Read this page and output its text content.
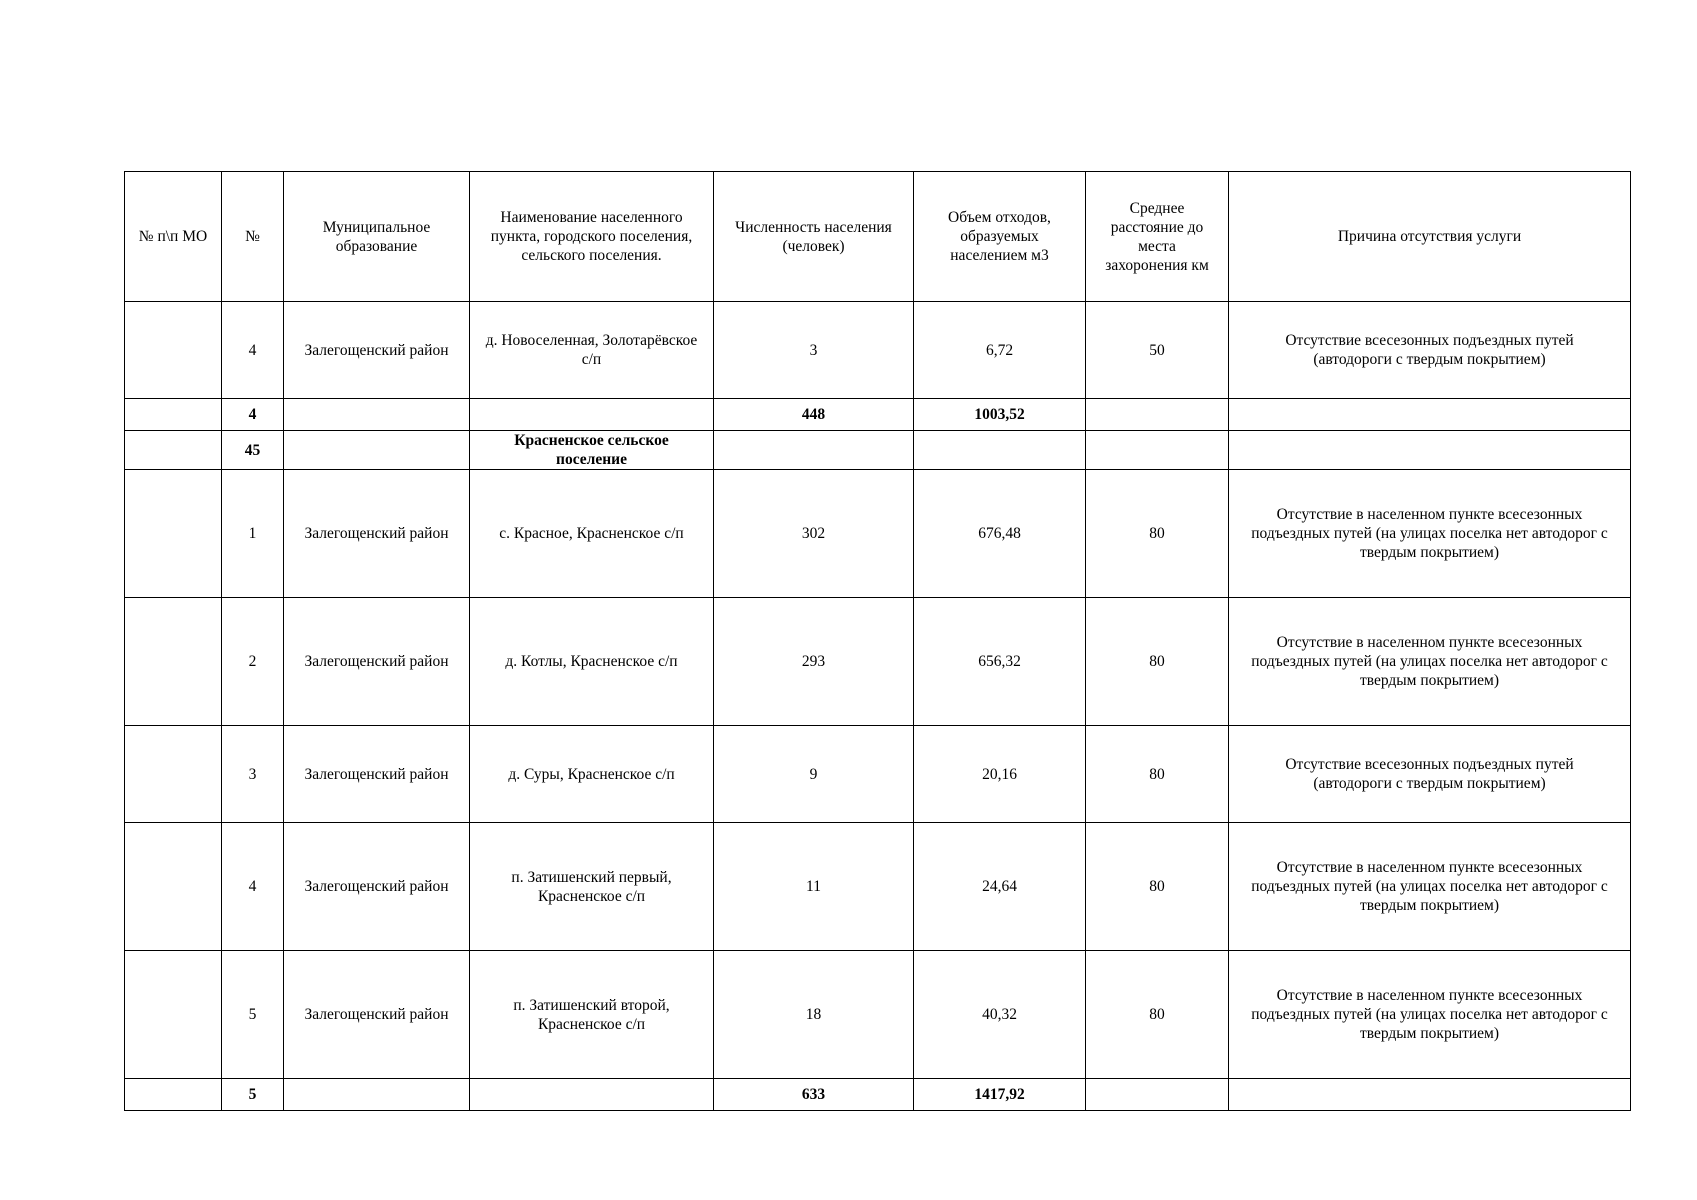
№ п\п МО	№	Муниципальное образование	Наименование населенного пункта, городского поселения, сельского поселения.	Численность населения (человек)	Объем отходов, образуемых населением м3	Среднее расстояние до места захоронения км	Причина отсутствия услуги
	4	Залегощенский район	д. Новоселенная, Золотарёвское с/п	3	6,72	50	Отсутствие всесезонных подъездных путей
(автодороги с твердым покрытием)
	4			448	1003,52		
	45		Красненское сельское поселение				
	1	Залегощенский район	с. Красное, Красненское с/п	302	676,48	80	Отсутствие в населенном пункте всесезонных подъездных путей (на улицах поселка нет автодорог с твердым покрытием)
	2	Залегощенский район	д. Котлы, Красненское с/п	293	656,32	80	Отсутствие в населенном пункте всесезонных подъездных путей (на улицах поселка нет автодорог с твердым покрытием)
	3	Залегощенский район	д. Суры, Красненское с/п	9	20,16	80	Отсутствие всесезонных подъездных путей
(автодороги с твердым покрытием)
	4	Залегощенский район	п. Затишенский первый, Красненское с/п	11	24,64	80	Отсутствие в населенном пункте всесезонных подъездных путей (на улицах поселка нет автодорог с твердым покрытием)
	5	Залегощенский район	п. Затишенский второй, Красненское с/п	18	40,32	80	Отсутствие в населенном пункте всесезонных подъездных путей (на улицах поселка нет автодорог с твердым покрытием)
	5			633	1417,92		
